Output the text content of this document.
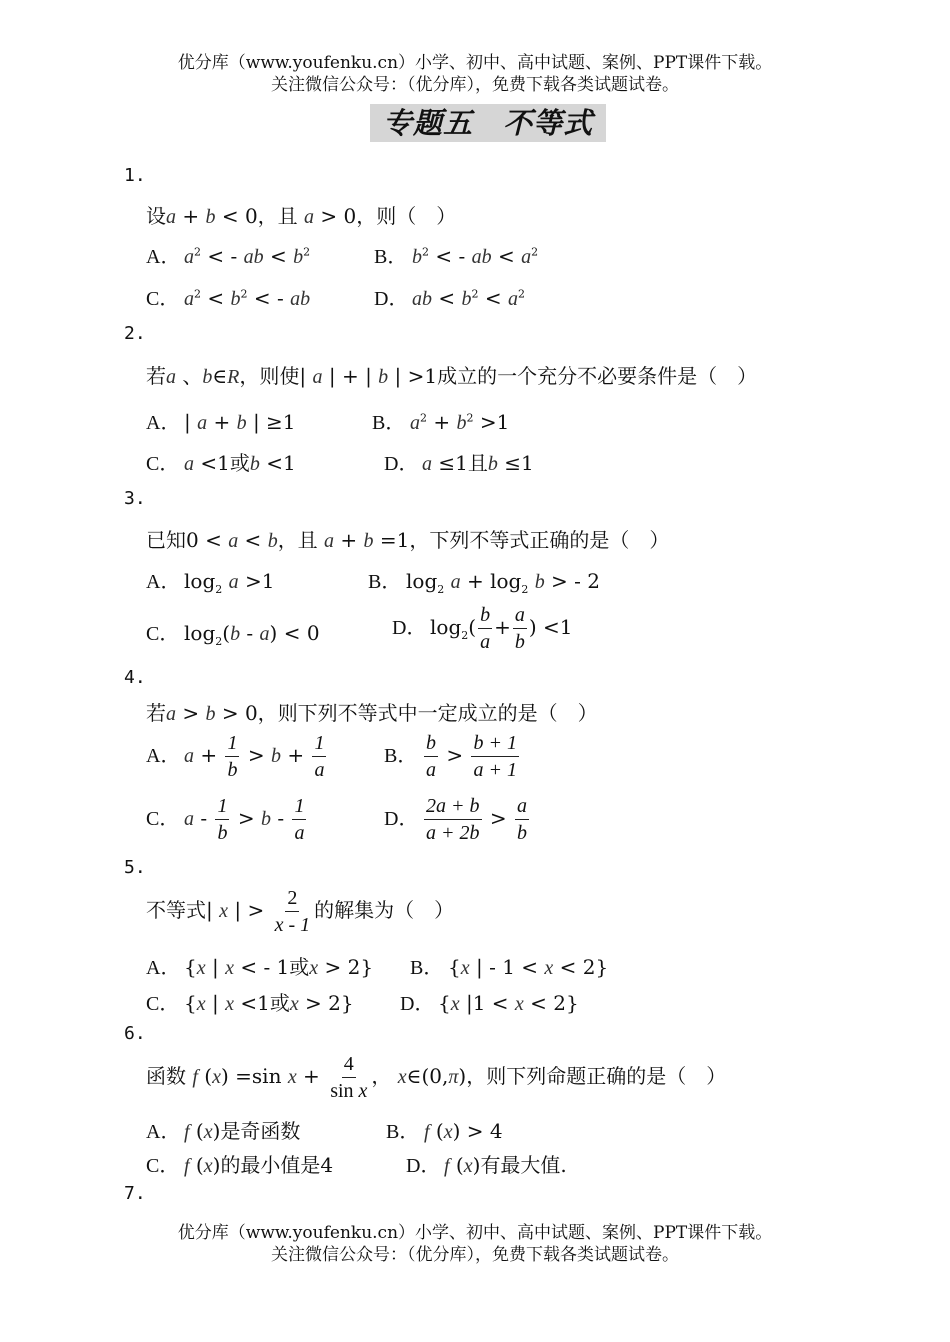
优分库（www.youfenku.cn）小学、初中、高中试题、案例、PPT课件下载。
关注微信公众号：（优分库），免费下载各类试题试卷。
专题五　不等式
1.
设a + b < 0，且 a > 0，则（　）
A． $a^2$ < - ab < $b^2$	B． $b^2$ < - ab < $a^2$
C． $a^2 < b^2$ < - ab	D． ab < $b^2 < a^2$
2.
若a 、b∈R，则使| a | + | b | >1成立的一个充分不必要条件是（　）
A． | a + b | ≥1	B． $a^2 + b^2 >1$
C． a <1或b <1	D． a ≤1且b ≤1
3.
已知0 < a < b，且 a + b =1，下列不等式正确的是（　）
A． $\log_2 a >1$	B． $\log_2 a + \log_2 b$ > - 2
C． $\log_2(b - a) < 0$	D． $\log_2( \frac{b}{a} + \frac{a}{b}$ ) <1
4.
若a > b > 0，则下列不等式中一定成立的是（　）
A． $a + \frac{1}{b} > b + \frac{1}{a}$	B． $\frac{b}{a} > \frac{b + 1}{a + 1}$
C． $a - \frac{1}{b} > b - \frac{1}{a}$	D． $\frac{2a + b}{a + 2b} > \frac{a}{b}$
5.
不等式| x | > $\frac{2}{x - 1}$ 的解集为（　）
A． {x | x < - 1或x > 2} B． {x | - 1 < x < 2}
C． {x | x <1或x > 2} D． {x |1 < x < 2}
6.
函数 f (x) =sin $x + \frac{4}{\text{sin x}}$ ， x∈(0,π)，则下列命题正确的是（　）
A． f (x)是奇函数	B． f (x) > 4
C． f (x)的最小值是4	D． f (x)有最大值.
7.
优分库（www.youfenku.cn）小学、初中、高中试题、案例、PPT课件下载。
关注微信公众号：（优分库），免费下载各类试题试卷。
